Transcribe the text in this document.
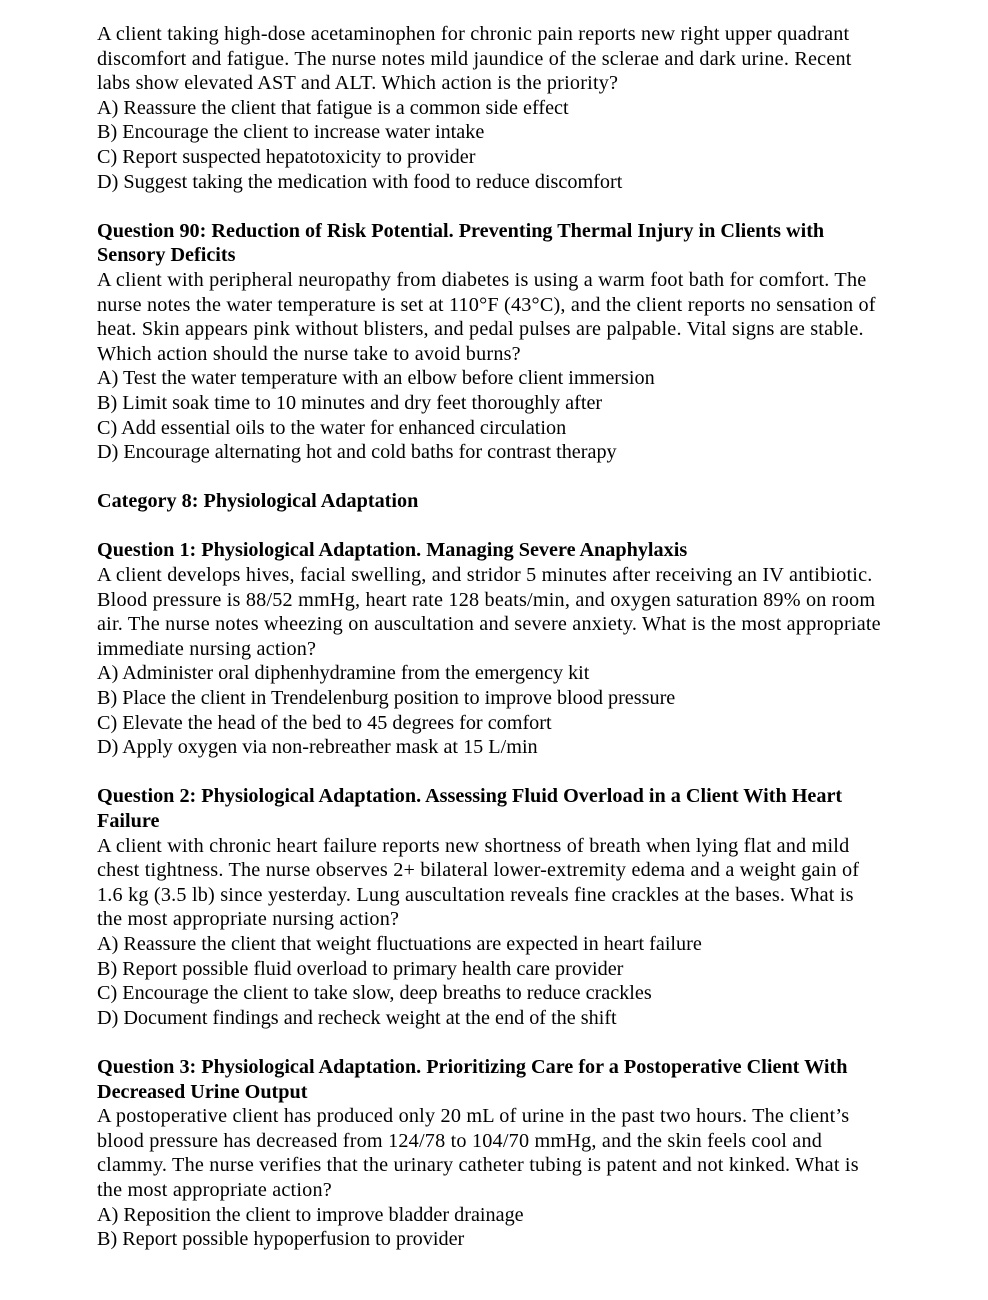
A client taking high-dose acetaminophen for chronic pain reports new right upper quadrant discomfort and fatigue. The nurse notes mild jaundice of the sclerae and dark urine. Recent labs show elevated AST and ALT. Which action is the priority?

A) Reassure the client that fatigue is a common side effect

B) Encourage the client to increase water intake

C) Report suspected hepatotoxicity to provider

D) Suggest taking the medication with food to reduce discomfort

Question 90: Reduction of Risk Potential. Preventing Thermal Injury in Clients with Sensory Deficits

A client with peripheral neuropathy from diabetes is using a warm foot bath for comfort. The nurse notes the water temperature is set at 110°F (43°C), and the client reports no sensation of heat. Skin appears pink without blisters, and pedal pulses are palpable. Vital signs are stable. Which action should the nurse take to avoid burns?

A) Test the water temperature with an elbow before client immersion

B) Limit soak time to 10 minutes and dry feet thoroughly after

C) Add essential oils to the water for enhanced circulation

D) Encourage alternating hot and cold baths for contrast therapy

Category 8: Physiological Adaptation

Question 1: Physiological Adaptation. Managing Severe Anaphylaxis

A client develops hives, facial swelling, and stridor 5 minutes after receiving an IV antibiotic. Blood pressure is 88/52 mmHg, heart rate 128 beats/min, and oxygen saturation 89% on room air. The nurse notes wheezing on auscultation and severe anxiety. What is the most appropriate immediate nursing action?

A) Administer oral diphenhydramine from the emergency kit

B) Place the client in Trendelenburg position to improve blood pressure

C) Elevate the head of the bed to 45 degrees for comfort

D) Apply oxygen via non-rebreather mask at 15 L/min

Question 2: Physiological Adaptation. Assessing Fluid Overload in a Client With Heart Failure

A client with chronic heart failure reports new shortness of breath when lying flat and mild chest tightness. The nurse observes 2+ bilateral lower-extremity edema and a weight gain of 1.6 kg (3.5 lb) since yesterday. Lung auscultation reveals fine crackles at the bases. What is the most appropriate nursing action?

A) Reassure the client that weight fluctuations are expected in heart failure

B) Report possible fluid overload to primary health care provider

C) Encourage the client to take slow, deep breaths to reduce crackles

D) Document findings and recheck weight at the end of the shift

Question 3: Physiological Adaptation. Prioritizing Care for a Postoperative Client With Decreased Urine Output

A postoperative client has produced only 20 mL of urine in the past two hours. The client’s blood pressure has decreased from 124/78 to 104/70 mmHg, and the skin feels cool and clammy. The nurse verifies that the urinary catheter tubing is patent and not kinked. What is the most appropriate action?

A) Reposition the client to improve bladder drainage

B) Report possible hypoperfusion to provider
